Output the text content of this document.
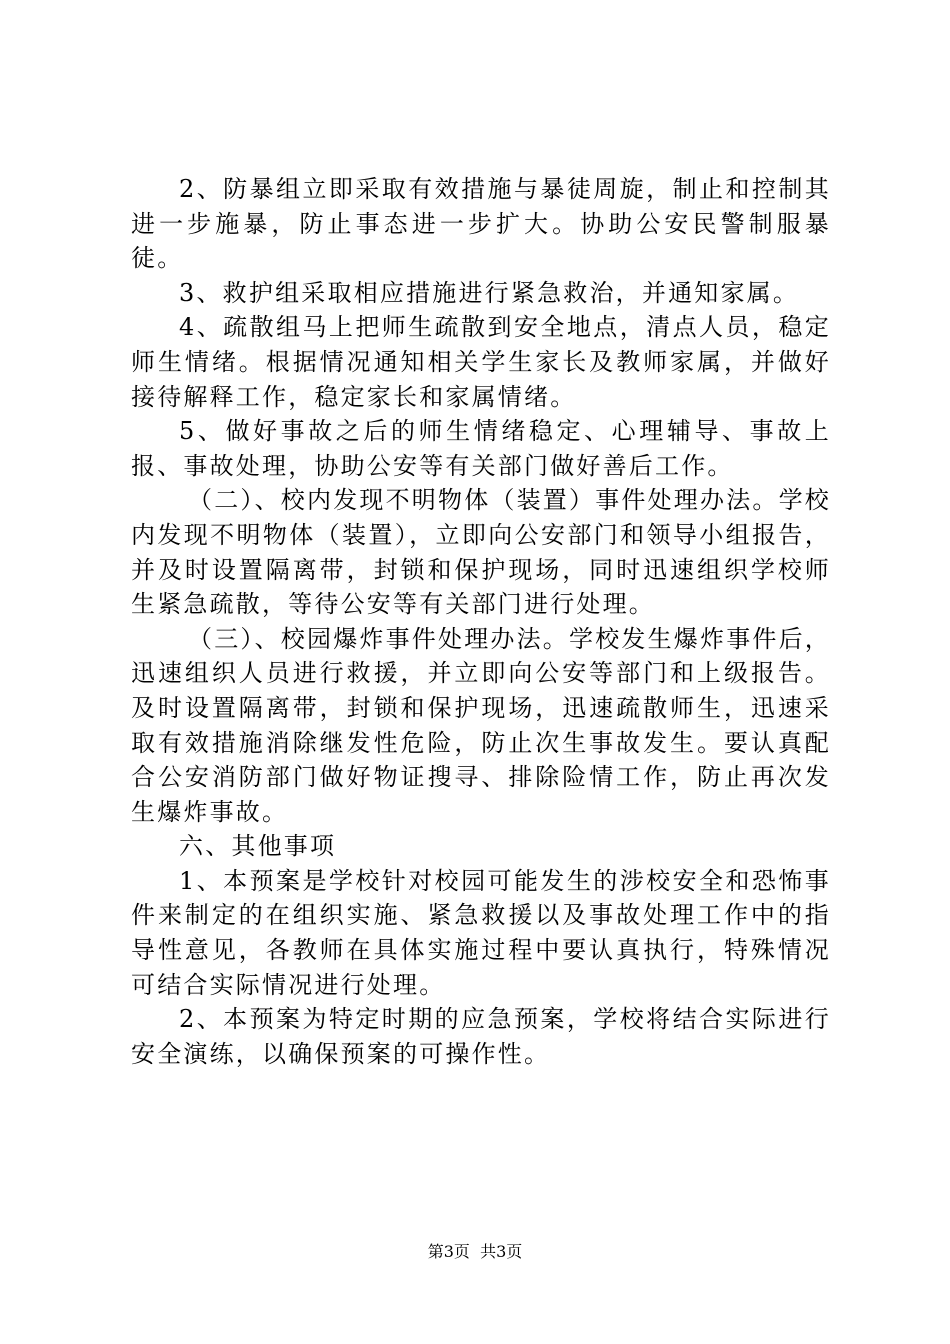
2、防暴组立即采取有效措施与暴徒周旋，制止和控制其进一步施暴，防止事态进一步扩大。协助公安民警制服暴徒。

3、救护组采取相应措施进行紧急救治，并通知家属。

4、疏散组马上把师生疏散到安全地点，清点人员，稳定师生情绪。根据情况通知相关学生家长及教师家属，并做好接待解释工作，稳定家长和家属情绪。

5、做好事故之后的师生情绪稳定、心理辅导、事故上报、事故处理，协助公安等有关部门做好善后工作。

（二）、校内发现不明物体（装置）事件处理办法。学校内发现不明物体（装置），立即向公安部门和领导小组报告，并及时设置隔离带，封锁和保护现场，同时迅速组织学校师生紧急疏散，等待公安等有关部门进行处理。

（三）、校园爆炸事件处理办法。学校发生爆炸事件后，迅速组织人员进行救援，并立即向公安等部门和上级报告。及时设置隔离带，封锁和保护现场，迅速疏散师生，迅速采取有效措施消除继发性危险，防止次生事故发生。要认真配合公安消防部门做好物证搜寻、排除险情工作，防止再次发生爆炸事故。

六、其他事项

1、本预案是学校针对校园可能发生的涉校安全和恐怖事件来制定的在组织实施、紧急救援以及事故处理工作中的指导性意见，各教师在具体实施过程中要认真执行，特殊情况可结合实际情况进行处理。

2、本预案为特定时期的应急预案，学校将结合实际进行安全演练，以确保预案的可操作性。

第3页  共3页
